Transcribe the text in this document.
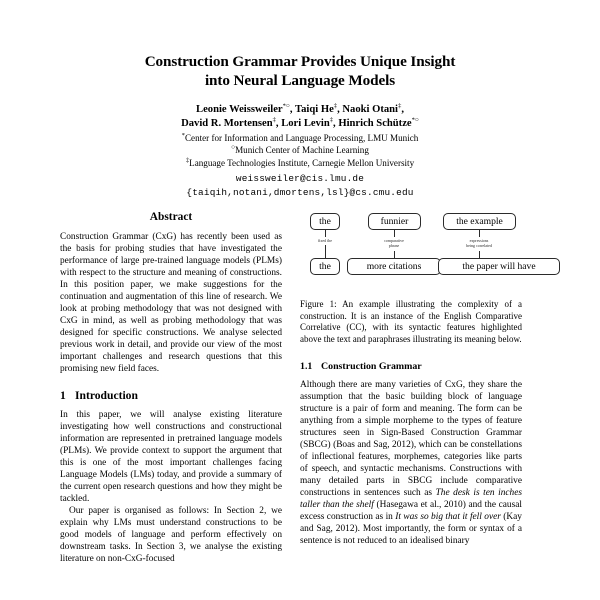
Construction Grammar Provides Unique Insight
into Neural Language Models
Leonie Weissweiler*○, Taiqi He‡, Naoki Otani‡,
David R. Mortensen‡, Lori Levin‡, Hinrich Schütze*○
*Center for Information and Language Processing, LMU Munich
○Munich Center of Machine Learning
‡Language Technologies Institute, Carnegie Mellon University
weissweiler@cis.lmu.de
{taiqih,notani,dmortens,lsl}@cs.cmu.edu
Abstract

Construction Grammar (CxG) has recently been used as the basis for probing studies that have investigated the performance of large pre-trained language models (PLMs) with respect to the structure and meaning of constructions. In this position paper, we make suggestions for the continuation and augmentation of this line of research. We look at probing methodology that was not designed with CxG in mind, as well as probing methodology that was designed for specific constructions. We analyse selected previous work in detail, and provide our view of the most important challenges and research questions that this promising new field faces.

1 Introduction

In this paper, we will analyse existing literature investigating how well constructions and constructional information are represented in pretrained language models (PLMs). We provide context to support the argument that this is one of the most important challenges facing Language Models (LMs) today, and provide a summary of the current open research questions and how they might be tackled.

Our paper is organised as follows: In Section 2, we explain why LMs must understand constructions to be good models of language and perform effectively on downstream tasks. In Section 3, we analyse the existing literature on non-CxG-focused

the	funnier	the example
fixed the	comparative
phrase
expressions
being correlated
the	more citations	the paper will have

Figure 1: An example illustrating the complexity of a construction. It is an instance of the English Comparative Correlative (CC), with its syntactic features highlighted above the text and paraphrases illustrating its meaning below.

1.1 Construction Grammar

Although there are many varieties of CxG, they share the assumption that the basic building block of language structure is a pair of form and meaning. The form can be anything from a simple morpheme to the types of feature structures seen in Sign-Based Construction Grammar (SBCG) (Boas and Sag, 2012), which can be constellations of inflectional features, morphemes, categories like parts of speech, and syntactic mechanisms. Constructions with many detailed parts in SBCG include comparative constructions in sentences such as The desk is ten inches taller than the shelf (Hasegawa et al., 2010) and the causal excess construction as in It was so big that it fell over (Kay and Sag, 2012). Most importantly, the form or syntax of a sentence is not reduced to an idealised binary
